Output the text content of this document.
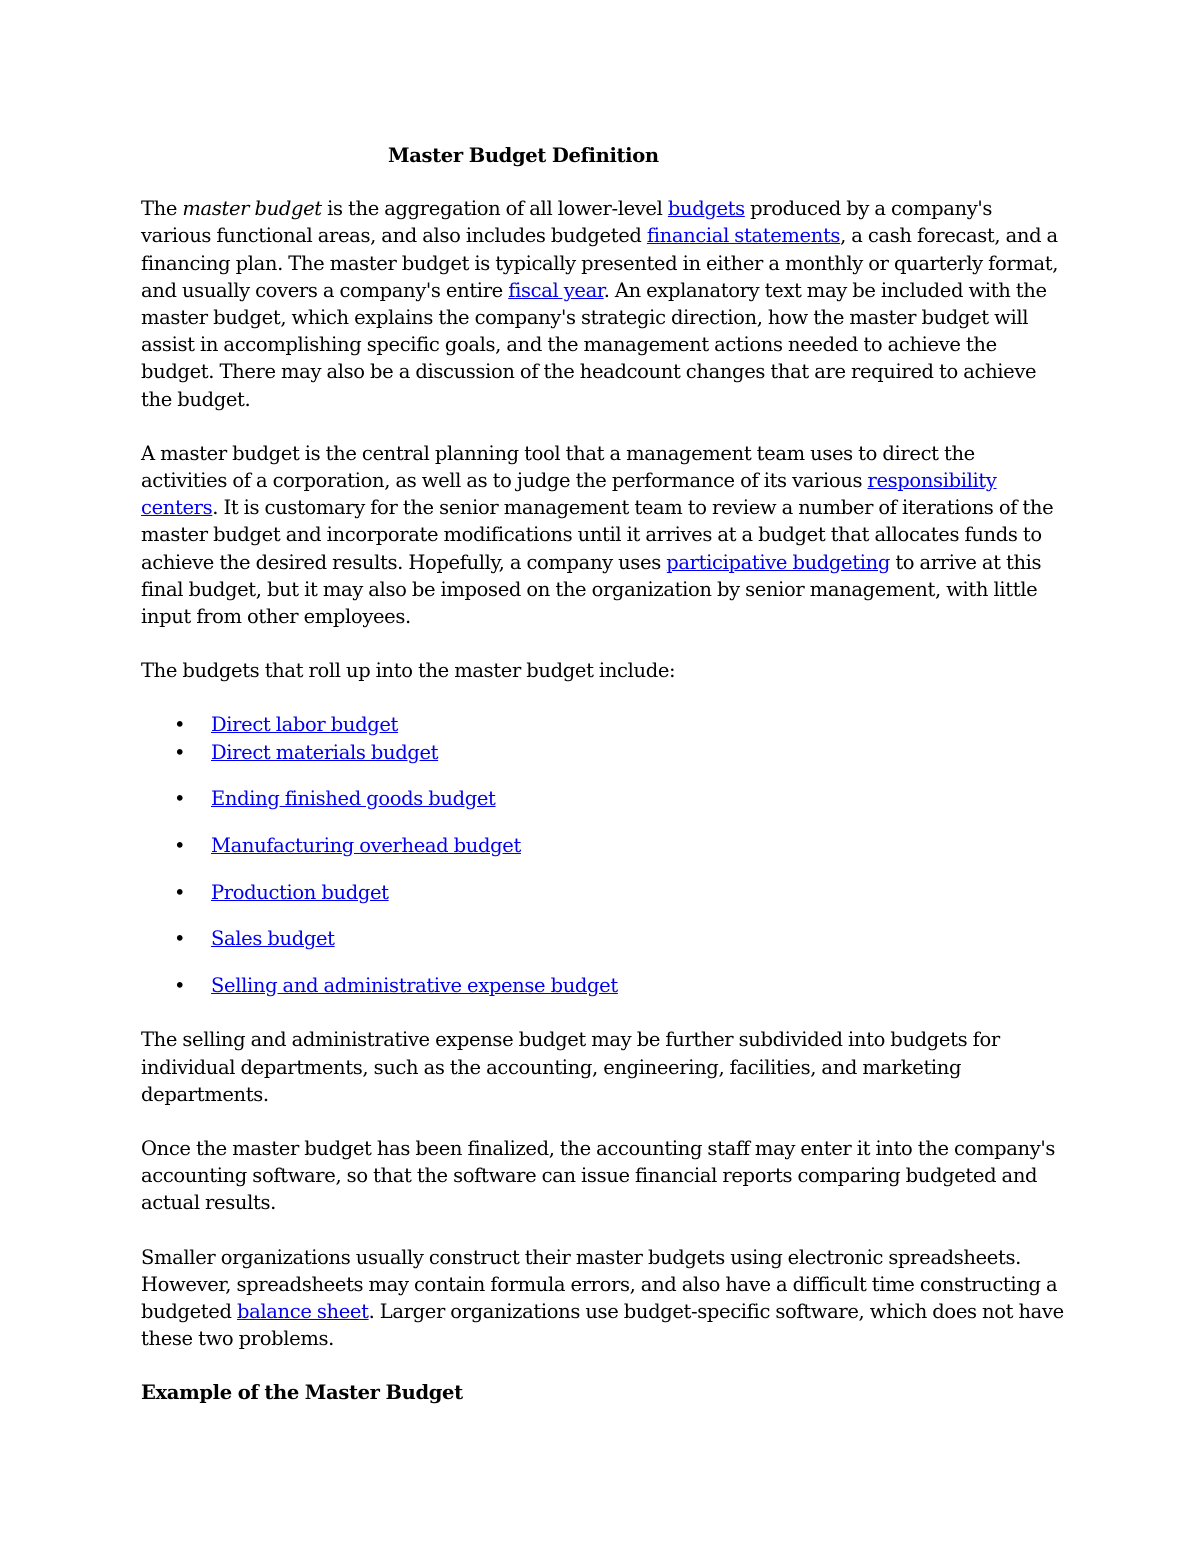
Master Budget Definition

The master budget is the aggregation of all lower-level budgets produced by a company's various functional areas, and also includes budgeted financial statements, a cash forecast, and a financing plan. The master budget is typically presented in either a monthly or quarterly format, and usually covers a company's entire fiscal year. An explanatory text may be included with the master budget, which explains the company's strategic direction, how the master budget will assist in accomplishing specific goals, and the management actions needed to achieve the budget. There may also be a discussion of the headcount changes that are required to achieve the budget.

A master budget is the central planning tool that a management team uses to direct the activities of a corporation, as well as to judge the performance of its various responsibility centers. It is customary for the senior management team to review a number of iterations of the master budget and incorporate modifications until it arrives at a budget that allocates funds to achieve the desired results. Hopefully, a company uses participative budgeting to arrive at this final budget, but it may also be imposed on the organization by senior management, with little input from other employees.

The budgets that roll up into the master budget include:

• Direct labor budget
• Direct materials budget
• Ending finished goods budget
• Manufacturing overhead budget
• Production budget
• Sales budget
• Selling and administrative expense budget

The selling and administrative expense budget may be further subdivided into budgets for individual departments, such as the accounting, engineering, facilities, and marketing departments.

Once the master budget has been finalized, the accounting staff may enter it into the company's accounting software, so that the software can issue financial reports comparing budgeted and actual results.

Smaller organizations usually construct their master budgets using electronic spreadsheets. However, spreadsheets may contain formula errors, and also have a difficult time constructing a budgeted balance sheet. Larger organizations use budget-specific software, which does not have these two problems.

Example of the Master Budget
